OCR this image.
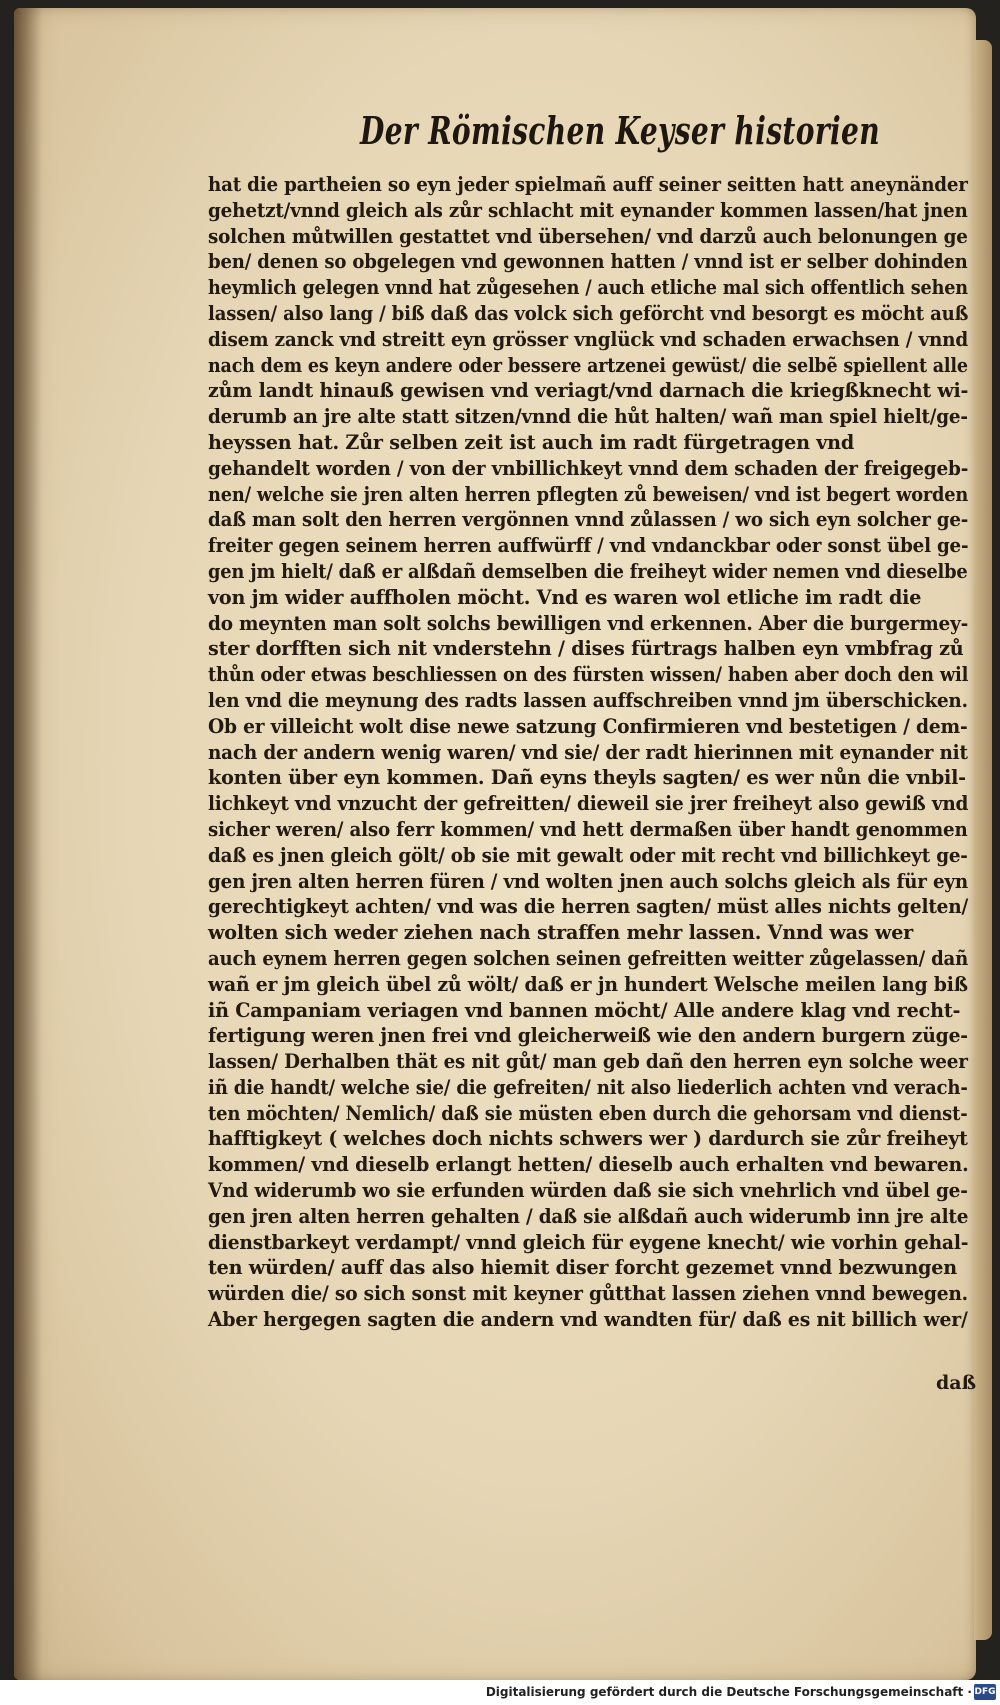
Der Römischen Keyser historien
hat die partheien so eyn jeder spielmañ auff seiner seitten hatt aneynänder
gehetzt/vnnd gleich als zůr schlacht mit eynander kommen lassen/hat jnen
solchen můtwillen gestattet vnd übersehen/ vnd darzů auch belonungen ge
ben/ denen so obgelegen vnd gewonnen hatten / vnnd ist er selber dohinden
heymlich gelegen vnnd hat zůgesehen / auch etliche mal sich offentlich sehen
lassen/ also lang / biß daß das volck sich geförcht vnd besorgt es möcht auß
disem zanck vnd streitt eyn grösser vnglück vnd schaden erwachsen / vnnd
nach dem es keyn andere oder bessere artzenei gewüst/ die selbẽ spiellent alle
zům landt hinauß gewisen vnd veriagt/vnd darnach die kriegßknecht wi-
derumb an jre alte statt sitzen/vnnd die hůt halten/ wañ man spiel hielt/ge-
heyssen hat. Zůr selben zeit ist auch im radt fürgetragen vnd
gehandelt worden / von der vnbillichkeyt vnnd dem schaden der freigegeb-
nen/ welche sie jren alten herren pflegten zů beweisen/ vnd ist begert worden
daß man solt den herren vergönnen vnnd zůlassen / wo sich eyn solcher ge-
freiter gegen seinem herren auffwürff / vnd vndanckbar oder sonst übel ge-
gen jm hielt/ daß er alßdañ demselben die freiheyt wider nemen vnd dieselbe
von jm wider auffholen möcht. Vnd es waren wol etliche im radt die
do meynten man solt solchs bewilligen vnd erkennen. Aber die burgermey-
ster dorfften sich nit vnderstehn / dises fürtrags halben eyn vmbfrag zů
thůn oder etwas beschliessen on des fürsten wissen/ haben aber doch den wil
len vnd die meynung des radts lassen auffschreiben vnnd jm überschicken.
Ob er villeicht wolt dise newe satzung Confirmieren vnd bestetigen / dem-
nach der andern wenig waren/ vnd sie/ der radt hierinnen mit eynander nit
konten über eyn kommen. Dañ eyns theyls sagten/ es wer nůn die vnbil-
lichkeyt vnd vnzucht der gefreitten/ dieweil sie jrer freiheyt also gewiß vnd
sicher weren/ also ferr kommen/ vnd hett dermaßen über handt genommen
daß es jnen gleich gölt/ ob sie mit gewalt oder mit recht vnd billichkeyt ge-
gen jren alten herren füren / vnd wolten jnen auch solchs gleich als für eyn
gerechtigkeyt achten/ vnd was die herren sagten/ müst alles nichts gelten/
wolten sich weder ziehen nach straffen mehr lassen. Vnnd was wer
auch eynem herren gegen solchen seinen gefreitten weitter zůgelassen/ dañ
wañ er jm gleich übel zů wölt/ daß er jn hundert Welsche meilen lang biß
iñ Campaniam veriagen vnd bannen möcht/ Alle andere klag vnd recht-
fertigung weren jnen frei vnd gleicherweiß wie den andern burgern züge-
lassen/ Derhalben thät es nit gůt/ man geb dañ den herren eyn solche weer
iñ die handt/ welche sie/ die gefreiten/ nit also liederlich achten vnd verach-
ten möchten/ Nemlich/ daß sie müsten eben durch die gehorsam vnd dienst-
hafftigkeyt ( welches doch nichts schwers wer ) dardurch sie zůr freiheyt
kommen/ vnd dieselb erlangt hetten/ dieselb auch erhalten vnd bewaren.
Vnd widerumb wo sie erfunden würden daß sie sich vnehrlich vnd übel ge-
gen jren alten herren gehalten / daß sie alßdañ auch widerumb inn jre alte
dienstbarkeyt verdampt/ vnnd gleich für eygene knecht/ wie vorhin gehal-
ten würden/ auff das also hiemit diser forcht gezemet vnnd bezwungen
würden die/ so sich sonst mit keyner gůtthat lassen ziehen vnnd bewegen.
Aber hergegen sagten die andern vnd wandten für/ daß es nit billich wer/
daß
Digitalisierung gefördert durch die Deutsche Forschungsgemeinschaft · DFG
